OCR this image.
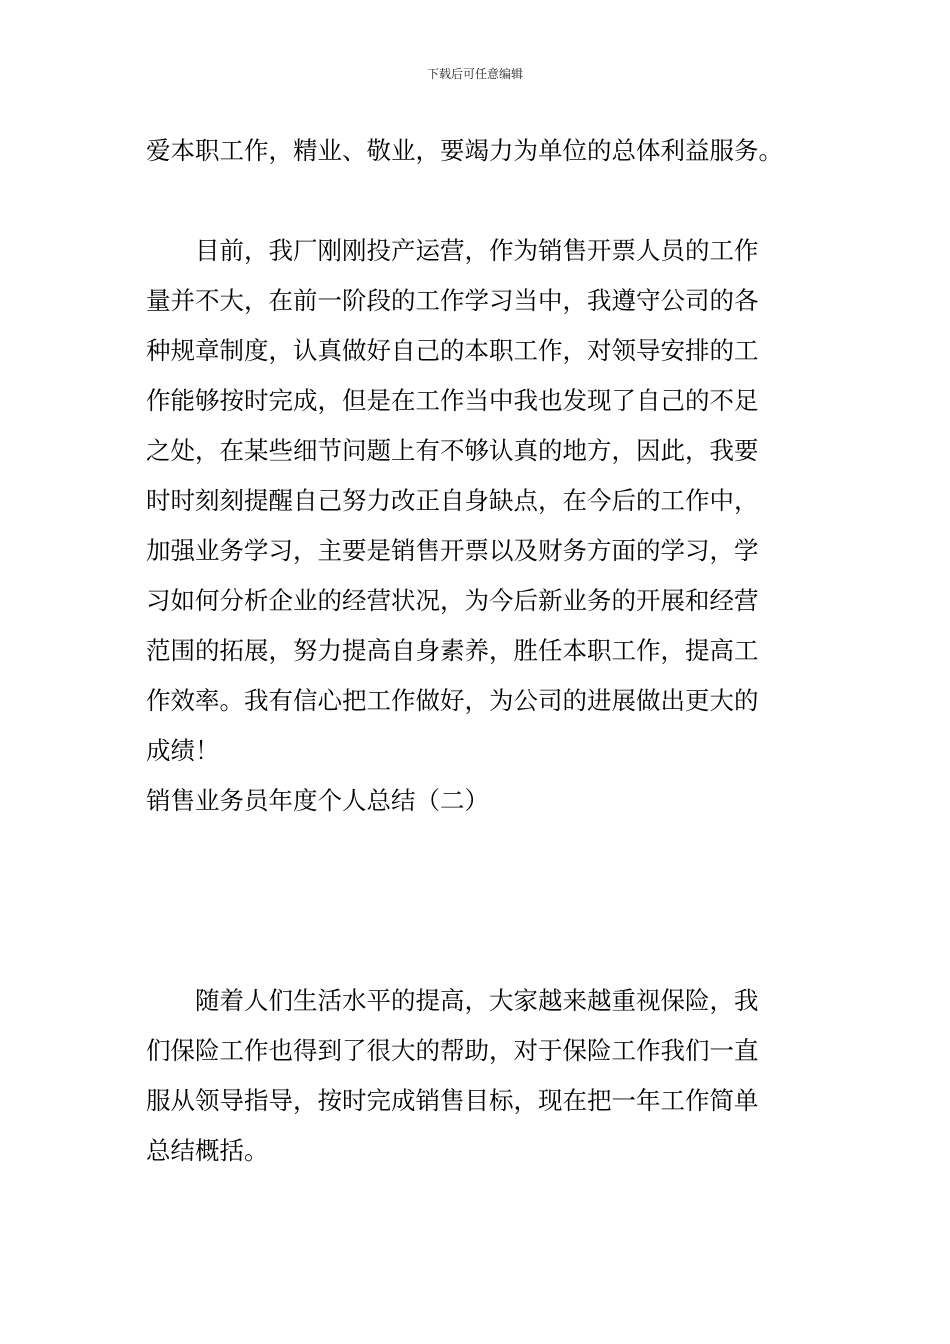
下载后可任意编辑
爱本职工作，精业、敬业，要竭力为单位的总体利益服务。
目前，我厂刚刚投产运营，作为销售开票人员的工作
量并不大，在前一阶段的工作学习当中，我遵守公司的各
种规章制度，认真做好自己的本职工作，对领导安排的工
作能够按时完成，但是在工作当中我也发现了自己的不足
之处，在某些细节问题上有不够认真的地方，因此，我要
时时刻刻提醒自己努力改正自身缺点，在今后的工作中，
加强业务学习，主要是销售开票以及财务方面的学习，学
习如何分析企业的经营状况，为今后新业务的开展和经营
范围的拓展，努力提高自身素养，胜任本职工作，提高工
作效率。我有信心把工作做好，为公司的进展做出更大的
成绩！
销售业务员年度个人总结（二）
随着人们生活水平的提高，大家越来越重视保险，我
们保险工作也得到了很大的帮助，对于保险工作我们一直
服从领导指导，按时完成销售目标，现在把一年工作简单
总结概括。
